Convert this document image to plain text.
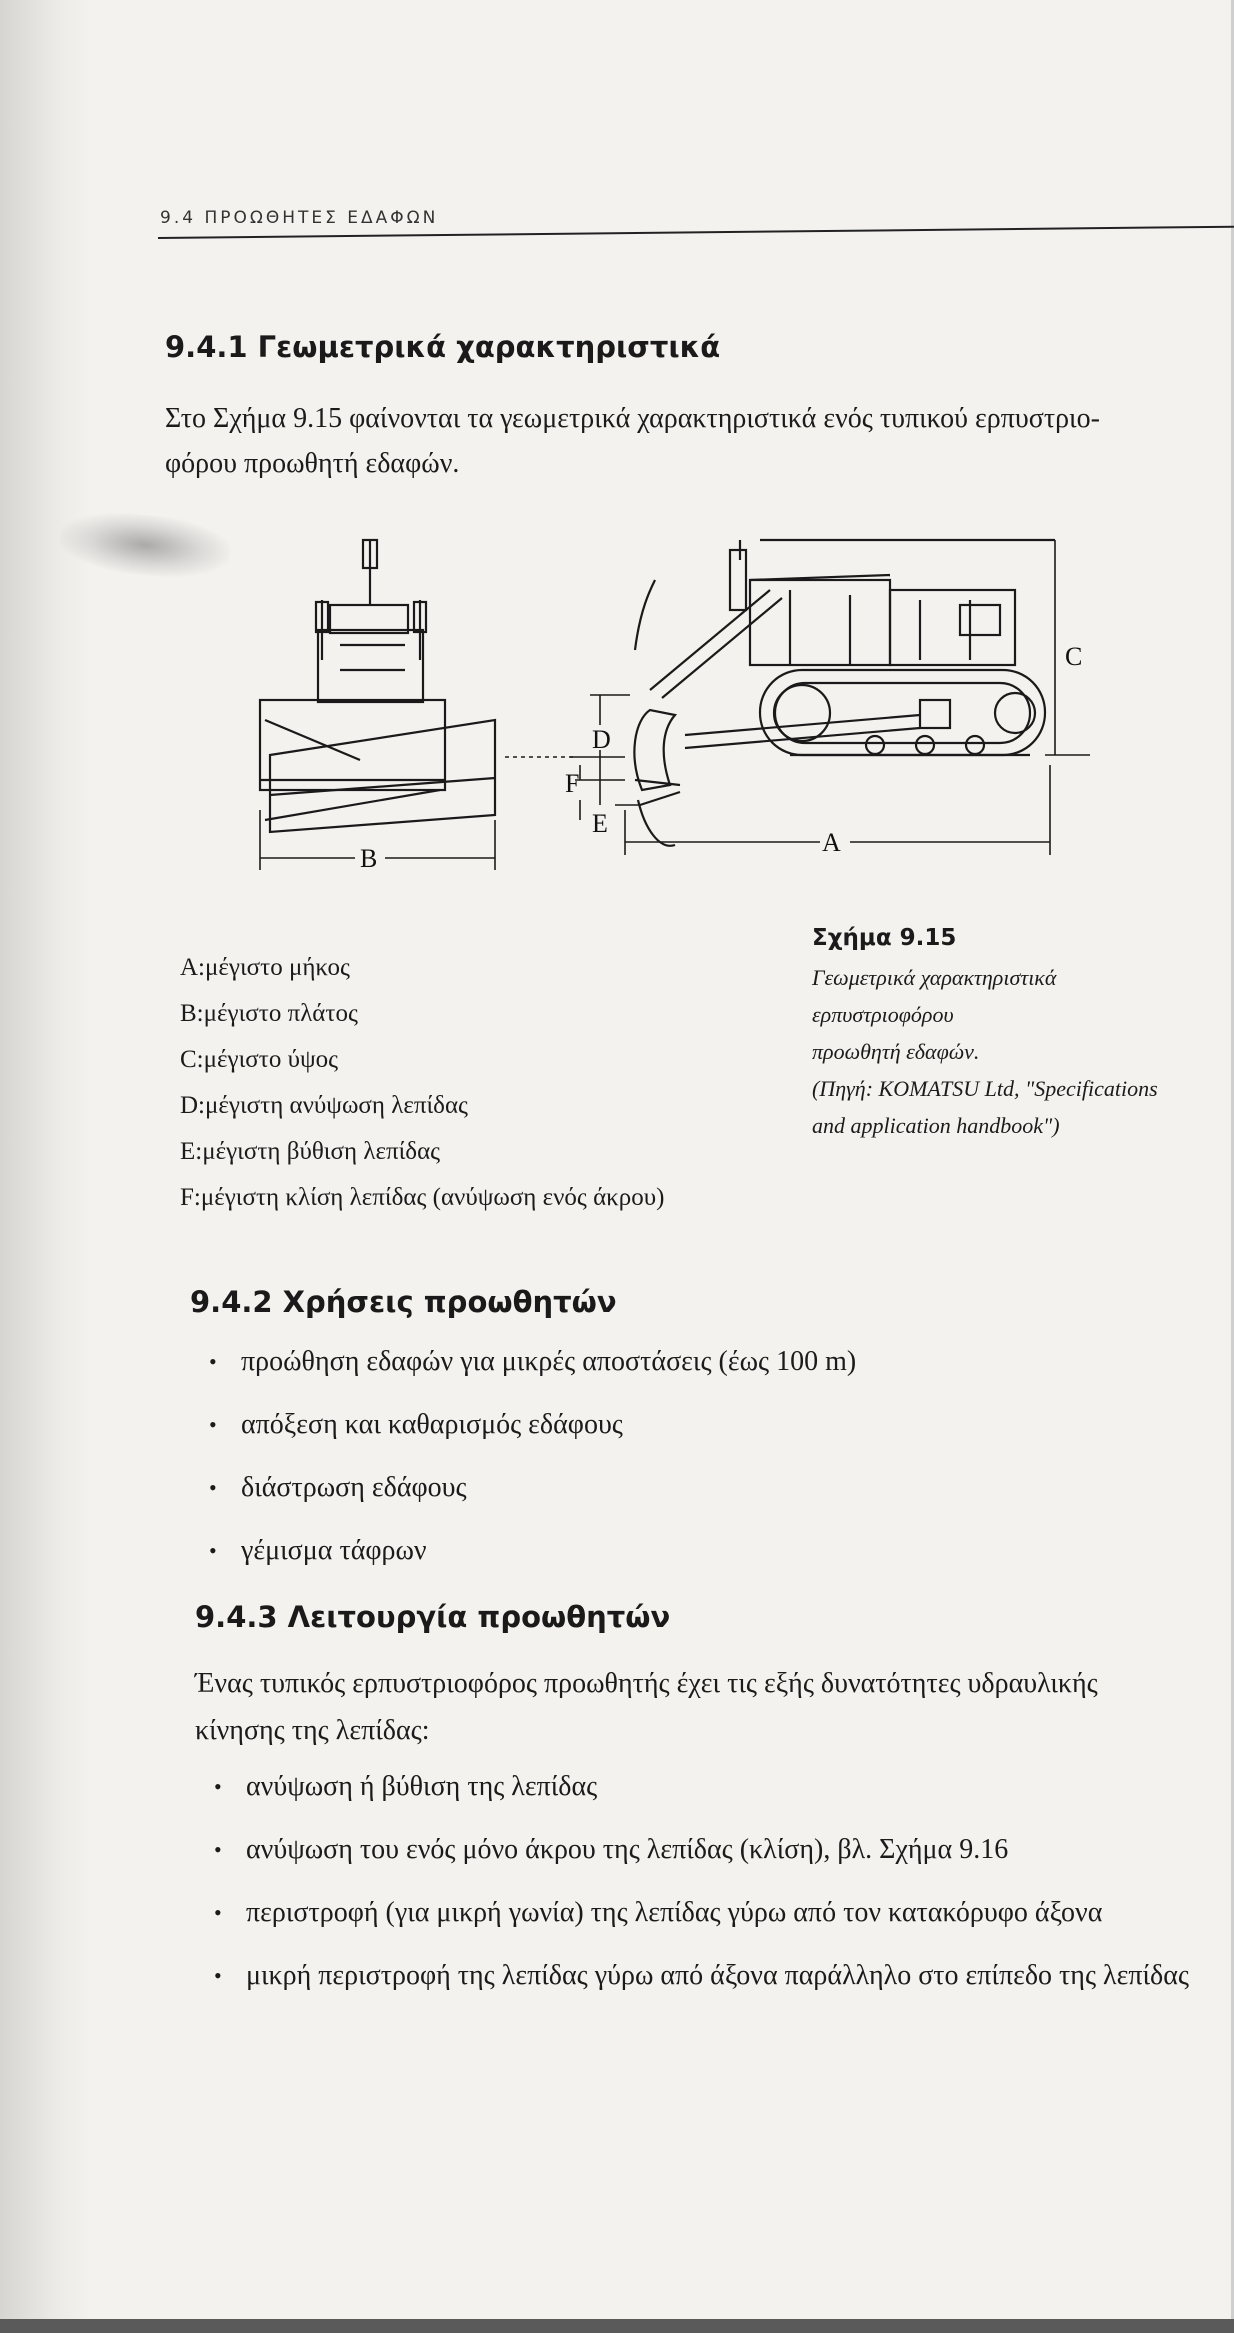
9.4 ΠΡΟΩΘΗΤΕΣ ΕΔΑΦΩΝ
9.4.1 Γεωμετρικά χαρακτηριστικά
Στο Σχήμα 9.15 φαίνονται τα γεωμετρικά χαρακτηριστικά ενός τυπικού ερπυστριο-
φόρου προωθητή εδαφών.
B
A
C
D
E
F
A:μέγιστο μήκος
B:μέγιστο πλάτος
C:μέγιστο ύψος
D:μέγιστη ανύψωση λεπίδας
E:μέγιστη βύθιση λεπίδας
F:μέγιστη κλίση λεπίδας (ανύψωση ενός άκρου)
Σχήμα 9.15
Γεωμετρικά χαρακτηριστικά
ερπυστριοφόρου
προωθητή εδαφών.
(Πηγή: KOMATSU Ltd, "Specifications
and application handbook")
9.4.2 Χρήσεις προωθητών
• προώθηση εδαφών για μικρές αποστάσεις (έως 100 m)
• απόξεση και καθαρισμός εδάφους
• διάστρωση εδάφους
• γέμισμα τάφρων
9.4.3 Λειτουργία προωθητών
Ένας τυπικός ερπυστριοφόρος προωθητής έχει τις εξής δυνατότητες υδραυλικής
κίνησης της λεπίδας:
• ανύψωση ή βύθιση της λεπίδας
• ανύψωση του ενός μόνο άκρου της λεπίδας (κλίση), βλ. Σχήμα 9.16
• περιστροφή (για μικρή γωνία) της λεπίδας γύρω από τον κατακόρυφο άξονα
• μικρή περιστροφή της λεπίδας γύρω από άξονα παράλληλο στο επίπεδο της λεπίδας
